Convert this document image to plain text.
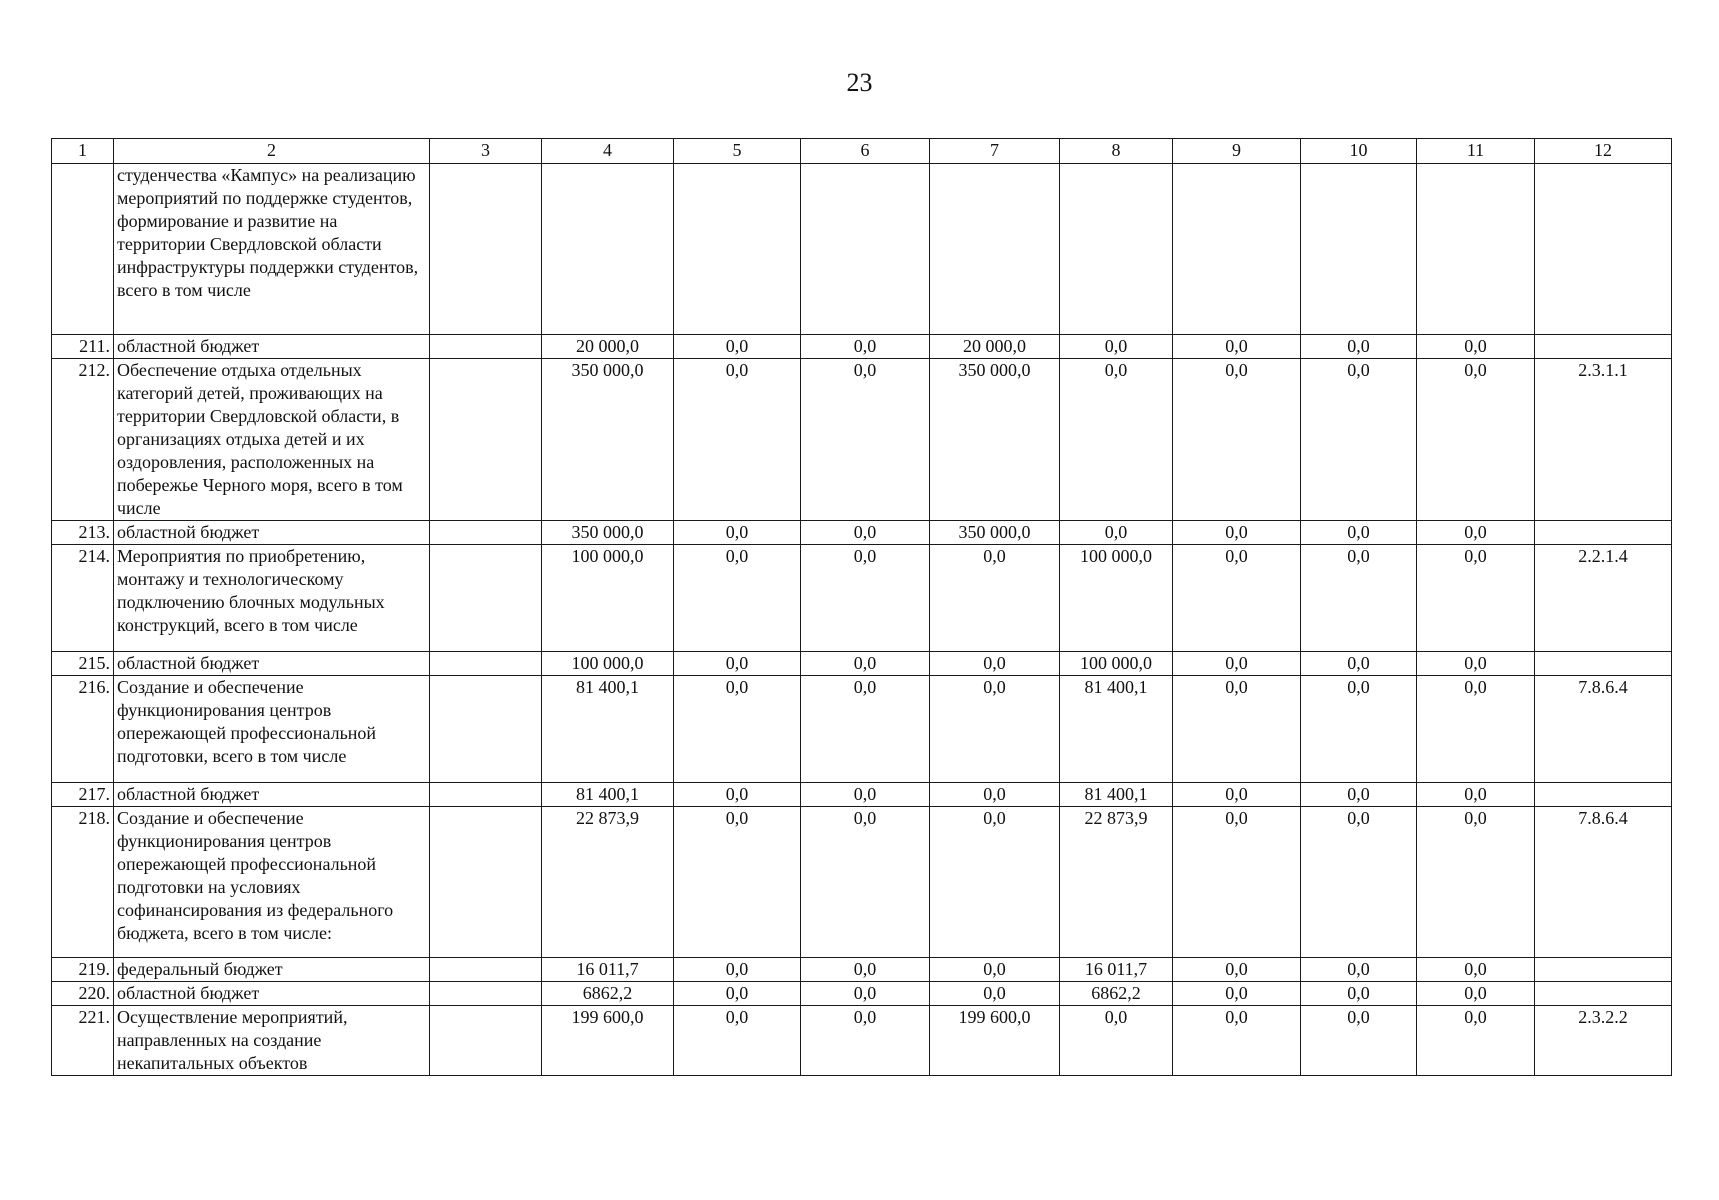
23
1	2	3	4	5	6	7	8	9	10	11	12
	студенчества «Кампус» на реализацию мероприятий по поддержке студентов, формирование и развитие на территории Свердловской области инфраструктуры поддержки студентов, всего в том числе										
211.	областной бюджет		20 000,0	0,0	0,0	20 000,0	0,0	0,0	0,0	0,0	
212.	Обеспечение отдыха отдельных категорий детей, проживающих на территории Свердловской области, в организациях отдыха детей и их оздоровления, расположенных на побережье Черного моря, всего в том числе		350 000,0	0,0	0,0	350 000,0	0,0	0,0	0,0	0,0	2.3.1.1
213.	областной бюджет		350 000,0	0,0	0,0	350 000,0	0,0	0,0	0,0	0,0	
214.	Мероприятия по приобретению, монтажу и технологическому подключению блочных модульных конструкций, всего в том числе		100 000,0	0,0	0,0	0,0	100 000,0	0,0	0,0	0,0	2.2.1.4
215.	областной бюджет		100 000,0	0,0	0,0	0,0	100 000,0	0,0	0,0	0,0	
216.	Создание и обеспечение функционирования центров опережающей профессиональной подготовки, всего в том числе		81 400,1	0,0	0,0	0,0	81 400,1	0,0	0,0	0,0	7.8.6.4
217.	областной бюджет		81 400,1	0,0	0,0	0,0	81 400,1	0,0	0,0	0,0	
218.	Создание и обеспечение функционирования центров опережающей профессиональной подготовки на условиях софинансирования из федерального бюджета, всего в том числе:		22 873,9	0,0	0,0	0,0	22 873,9	0,0	0,0	0,0	7.8.6.4
219.	федеральный бюджет		16 011,7	0,0	0,0	0,0	16 011,7	0,0	0,0	0,0	
220.	областной бюджет		6862,2	0,0	0,0	0,0	6862,2	0,0	0,0	0,0	
221.	Осуществление мероприятий, направленных на создание некапитальных объектов		199 600,0	0,0	0,0	199 600,0	0,0	0,0	0,0	0,0	2.3.2.2
